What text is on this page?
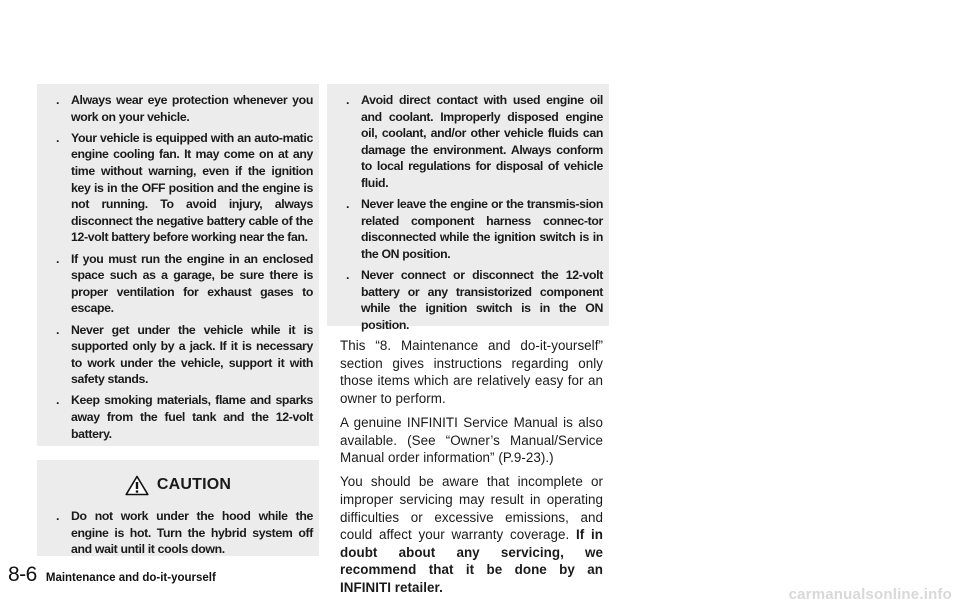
. Always wear eye protection whenever you work on your vehicle.
. Your vehicle is equipped with an auto-matic engine cooling fan. It may come on at any time without warning, even if the ignition key is in the OFF position and the engine is not running. To avoid injury, always disconnect the negative battery cable of the 12-volt battery before working near the fan.
. If you must run the engine in an enclosed space such as a garage, be sure there is proper ventilation for exhaust gases to escape.
. Never get under the vehicle while it is supported only by a jack. If it is necessary to work under the vehicle, support it with safety stands.
. Keep smoking materials, flame and sparks away from the fuel tank and the 12-volt battery.
CAUTION
. Do not work under the hood while the engine is hot. Turn the hybrid system off and wait until it cools down.
. Avoid direct contact with used engine oil and coolant. Improperly disposed engine oil, coolant, and/or other vehicle fluids can damage the environment. Always conform to local regulations for disposal of vehicle fluid.
. Never leave the engine or the transmis-sion related component harness connec-tor disconnected while the ignition switch is in the ON position.
. Never connect or disconnect the 12-volt battery or any transistorized component while the ignition switch is in the ON position.

This “8. Maintenance and do-it-yourself” section gives instructions regarding only those items which are relatively easy for an owner to perform.

A genuine INFINITI Service Manual is also available. (See “Owner’s Manual/Service Manual order information” (P.9-23).)

You should be aware that incomplete or improper servicing may result in operating difficulties or excessive emissions, and could affect your warranty coverage. If in doubt about any servicing, we recommend that it be done by an INFINITI retailer.

8-6 Maintenance and do-it-yourself
carmanualsonline.info
